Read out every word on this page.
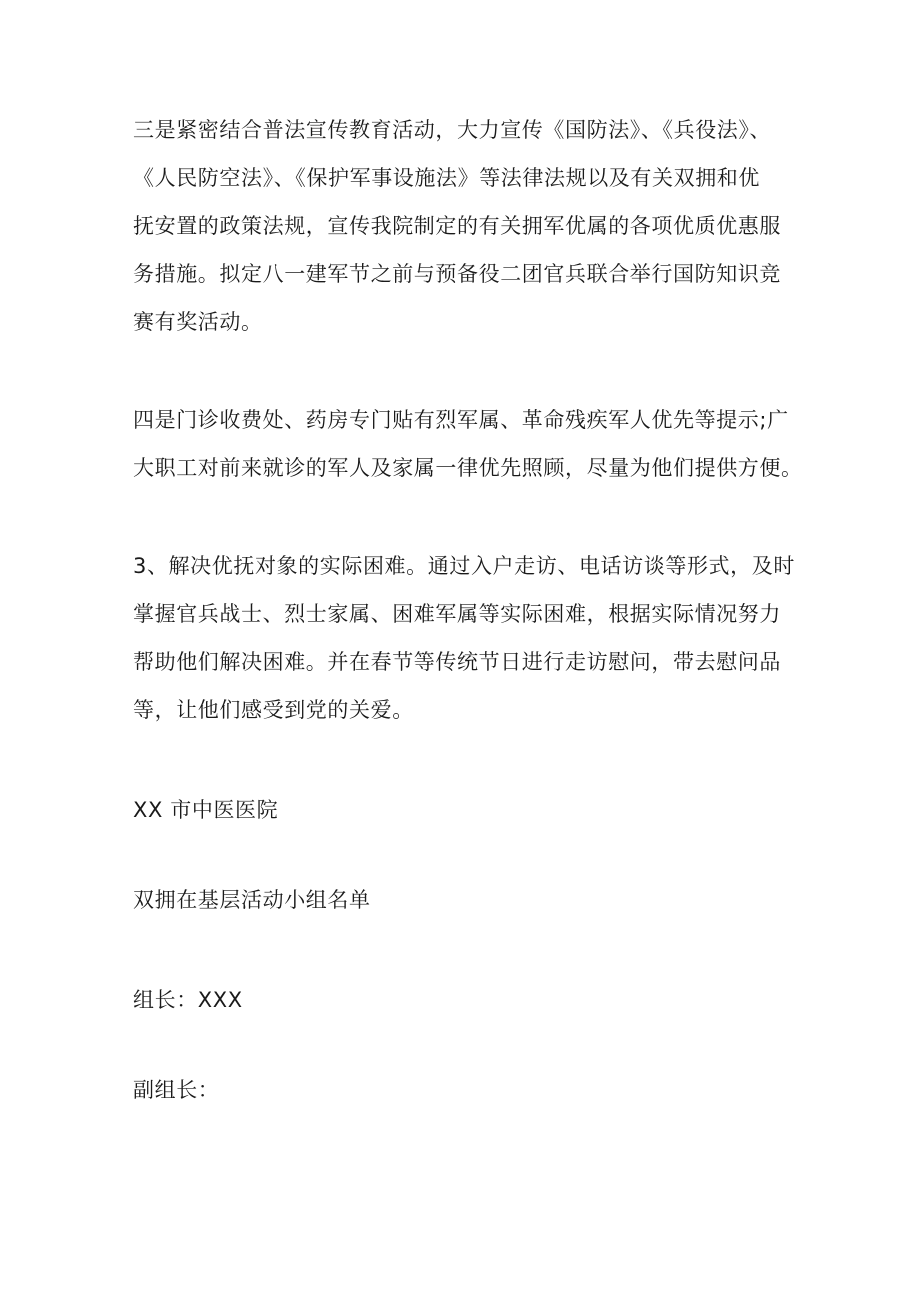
三是紧密结合普法宣传教育活动，大力宣传《国防法》、《兵役法》、
《人民防空法》、《保护军事设施法》等法律法规以及有关双拥和优
抚安置的政策法规，宣传我院制定的有关拥军优属的各项优质优惠服
务措施。拟定八一建军节之前与预备役二团官兵联合举行国防知识竞
赛有奖活动。
四是门诊收费处、药房专门贴有烈军属、革命残疾军人优先等提示;广
大职工对前来就诊的军人及家属一律优先照顾，尽量为他们提供方便。
3、解决优抚对象的实际困难。通过入户走访、电话访谈等形式，及时
掌握官兵战士、烈士家属、困难军属等实际困难，根据实际情况努力
帮助他们解决困难。并在春节等传统节日进行走访慰问，带去慰问品
等，让他们感受到党的关爱。
XX 市中医医院
双拥在基层活动小组名单
组长：XXX
副组长：
